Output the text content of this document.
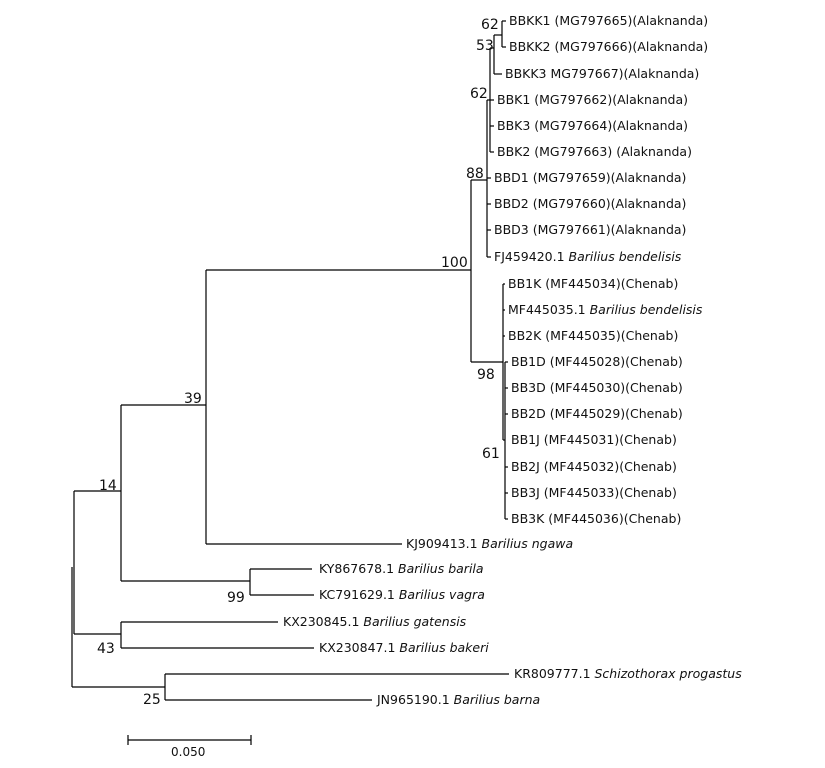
BBKK1 (MG797665)(Alaknanda)
BBKK2 (MG797666)(Alaknanda)
BBKK3 MG797667)(Alaknanda)
BBK1 (MG797662)(Alaknanda)
BBK3 (MG797664)(Alaknanda)
BBK2 (MG797663) (Alaknanda)
BBD1 (MG797659)(Alaknanda)
BBD2 (MG797660)(Alaknanda)
BBD3 (MG797661)(Alaknanda)
FJ459420.1 Barilius bendelisis
BB1K (MF445034)(Chenab)
MF445035.1 Barilius bendelisis
BB2K (MF445035)(Chenab)
BB1D (MF445028)(Chenab)
BB3D (MF445030)(Chenab)
BB2D (MF445029)(Chenab)
BB1J (MF445031)(Chenab)
BB2J (MF445032)(Chenab)
BB3J (MF445033)(Chenab)
BB3K (MF445036)(Chenab)
KJ909413.1 Barilius ngawa
KY867678.1 Barilius barila
KC791629.1 Barilius vagra
KX230845.1 Barilius gatensis
KX230847.1 Barilius bakeri
KR809777.1 Schizothorax progastus
JN965190.1 Barilius barna
62
53
62
88
100
98
61
39
14
99
43
25
0.050
